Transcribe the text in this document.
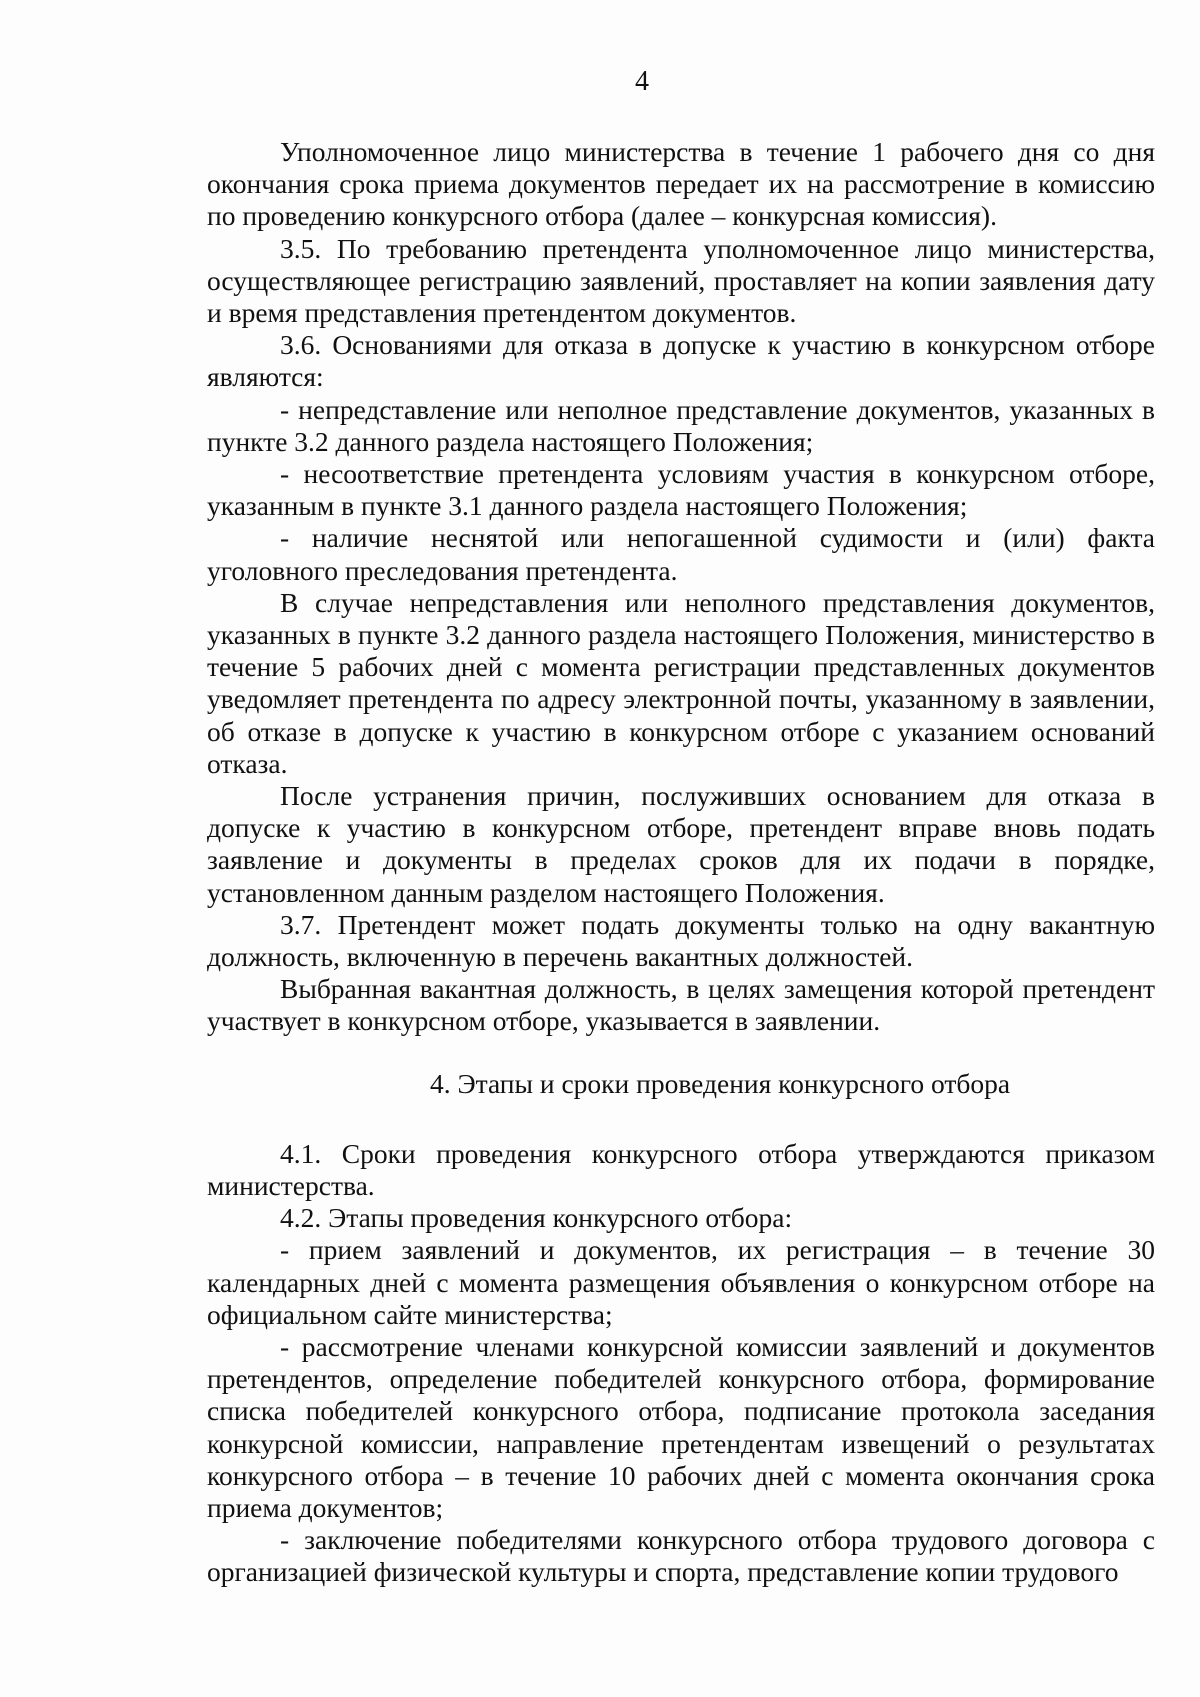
4

Уполномоченное лицо министерства в течение 1 рабочего дня со дня окончания срока приема документов передает их на рассмотрение в комиссию по проведению конкурсного отбора (далее – конкурсная комиссия).

3.5. По требованию претендента уполномоченное лицо министерства, осуществляющее регистрацию заявлений, проставляет на копии заявления дату и время представления претендентом документов.

3.6. Основаниями для отказа в допуске к участию в конкурсном отборе являются:

- непредставление или неполное представление документов, указанных в пункте 3.2 данного раздела настоящего Положения;

- несоответствие претендента условиям участия в конкурсном отборе, указанным в пункте 3.1 данного раздела настоящего Положения;

- наличие неснятой или непогашенной судимости и (или) факта уголовного преследования претендента.

В случае непредставления или неполного представления документов, указанных в пункте 3.2 данного раздела настоящего Положения, министерство в течение 5 рабочих дней с момента регистрации представленных документов уведомляет претендента по адресу электронной почты, указанному в заявлении, об отказе в допуске к участию в конкурсном отборе с указанием оснований отказа.

После устранения причин, послуживших основанием для отказа в допуске к участию в конкурсном отборе, претендент вправе вновь подать заявление и документы в пределах сроков для их подачи в порядке, установленном данным разделом настоящего Положения.

3.7. Претендент может подать документы только на одну вакантную должность, включенную в перечень вакантных должностей.

Выбранная вакантная должность, в целях замещения которой претендент участвует в конкурсном отборе, указывается в заявлении.

4. Этапы и сроки проведения конкурсного отбора

4.1. Сроки проведения конкурсного отбора утверждаются приказом министерства.

4.2. Этапы проведения конкурсного отбора:

- прием заявлений и документов, их регистрация – в течение 30 календарных дней с момента размещения объявления о конкурсном отборе на официальном сайте министерства;

- рассмотрение членами конкурсной комиссии заявлений и документов претендентов, определение победителей конкурсного отбора, формирование списка победителей конкурсного отбора, подписание протокола заседания конкурсной комиссии, направление претендентам извещений о результатах конкурсного отбора – в течение 10 рабочих дней с момента окончания срока приема документов;

- заключение победителями конкурсного отбора трудового договора с организацией физической культуры и спорта, представление копии трудового
